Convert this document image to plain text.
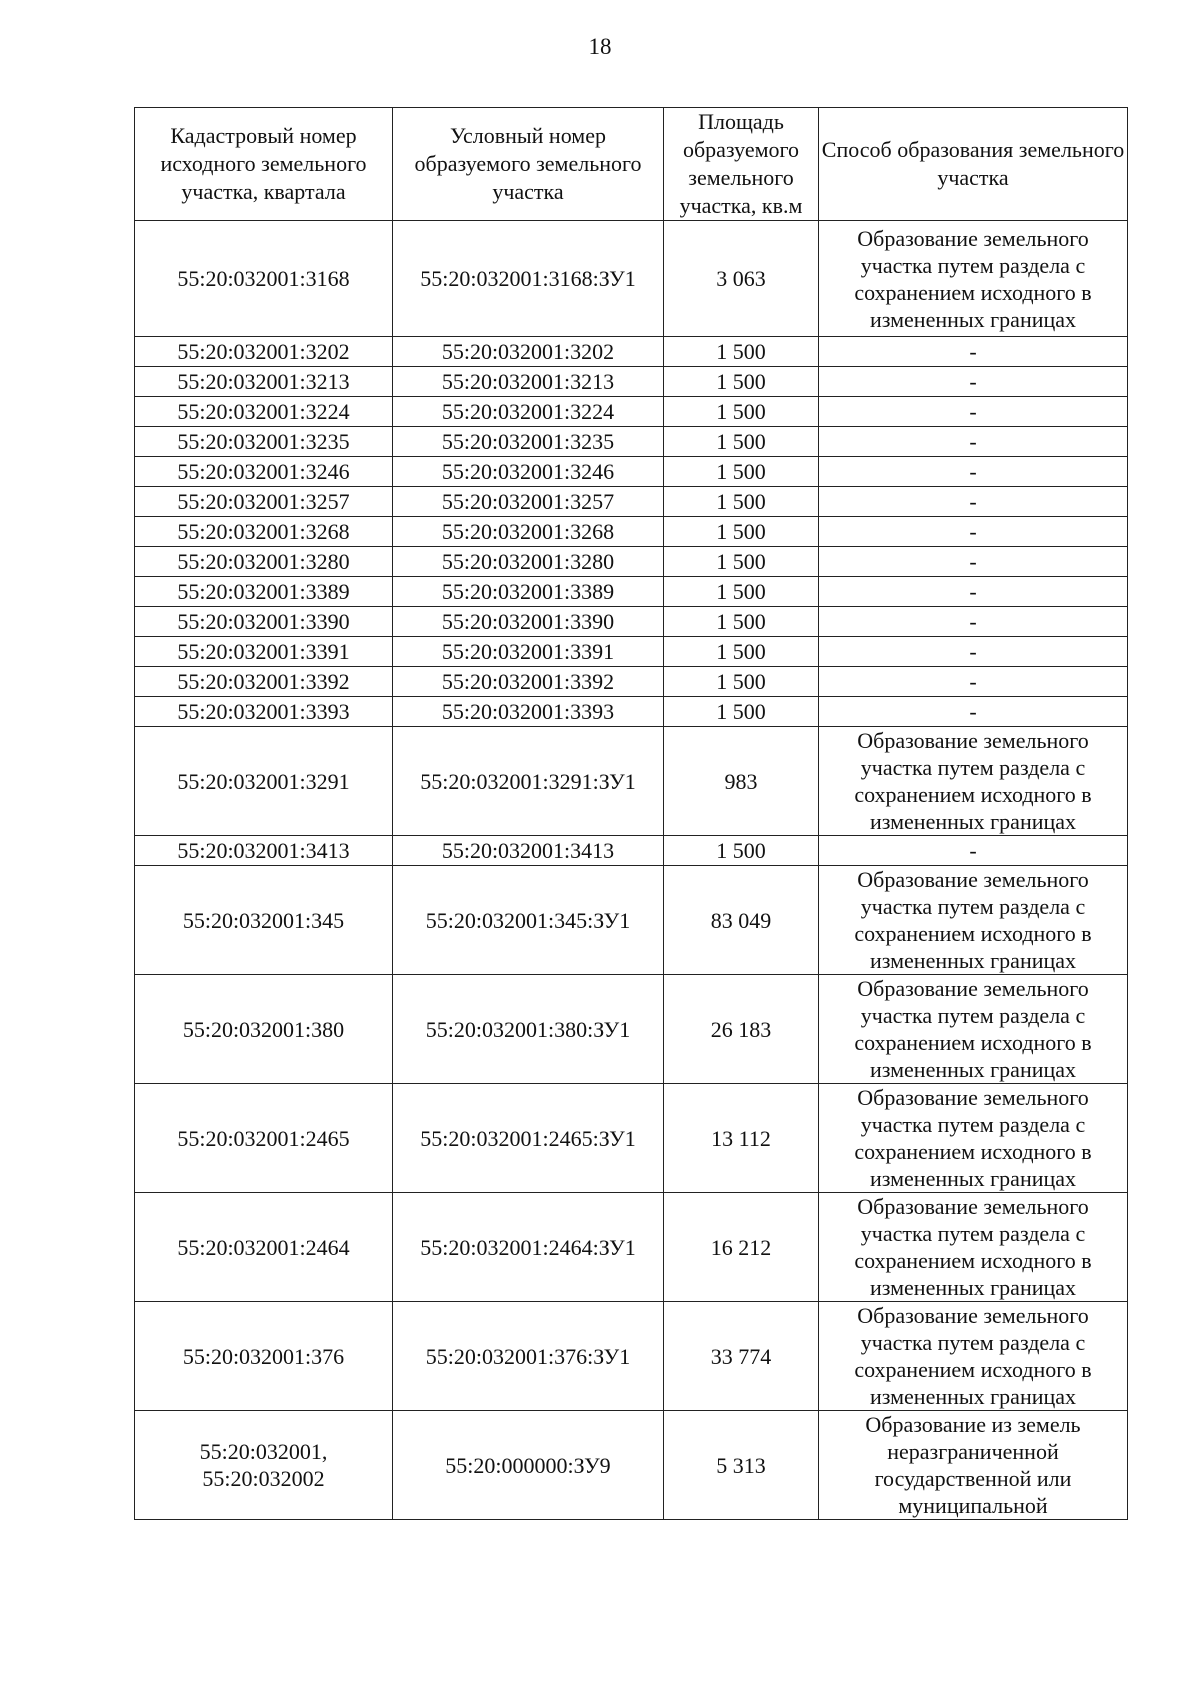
18
Кадастровый номер исходного земельного участка, квартала	Условный номер образуемого земельного участка	Площадь образуемого земельного участка, кв.м	Способ образования земельного участка
55:20:032001:3168	55:20:032001:3168:ЗУ1	3 063	Образование земельного участка путем раздела с сохранением исходного в измененных границах
55:20:032001:3202	55:20:032001:3202	1 500	-
55:20:032001:3213	55:20:032001:3213	1 500	-
55:20:032001:3224	55:20:032001:3224	1 500	-
55:20:032001:3235	55:20:032001:3235	1 500	-
55:20:032001:3246	55:20:032001:3246	1 500	-
55:20:032001:3257	55:20:032001:3257	1 500	-
55:20:032001:3268	55:20:032001:3268	1 500	-
55:20:032001:3280	55:20:032001:3280	1 500	-
55:20:032001:3389	55:20:032001:3389	1 500	-
55:20:032001:3390	55:20:032001:3390	1 500	-
55:20:032001:3391	55:20:032001:3391	1 500	-
55:20:032001:3392	55:20:032001:3392	1 500	-
55:20:032001:3393	55:20:032001:3393	1 500	-
55:20:032001:3291	55:20:032001:3291:ЗУ1	983	Образование земельного участка путем раздела с сохранением исходного в измененных границах
55:20:032001:3413	55:20:032001:3413	1 500	-
55:20:032001:345	55:20:032001:345:ЗУ1	83 049	Образование земельного участка путем раздела с сохранением исходного в измененных границах
55:20:032001:380	55:20:032001:380:ЗУ1	26 183	Образование земельного участка путем раздела с сохранением исходного в измененных границах
55:20:032001:2465	55:20:032001:2465:ЗУ1	13 112	Образование земельного участка путем раздела с сохранением исходного в измененных границах
55:20:032001:2464	55:20:032001:2464:ЗУ1	16 212	Образование земельного участка путем раздела с сохранением исходного в измененных границах
55:20:032001:376	55:20:032001:376:ЗУ1	33 774	Образование земельного участка путем раздела с сохранением исходного в измененных границах
55:20:032001, 55:20:032002	55:20:000000:ЗУ9	5 313	Образование из земель неразграниченной государственной или муниципальной
